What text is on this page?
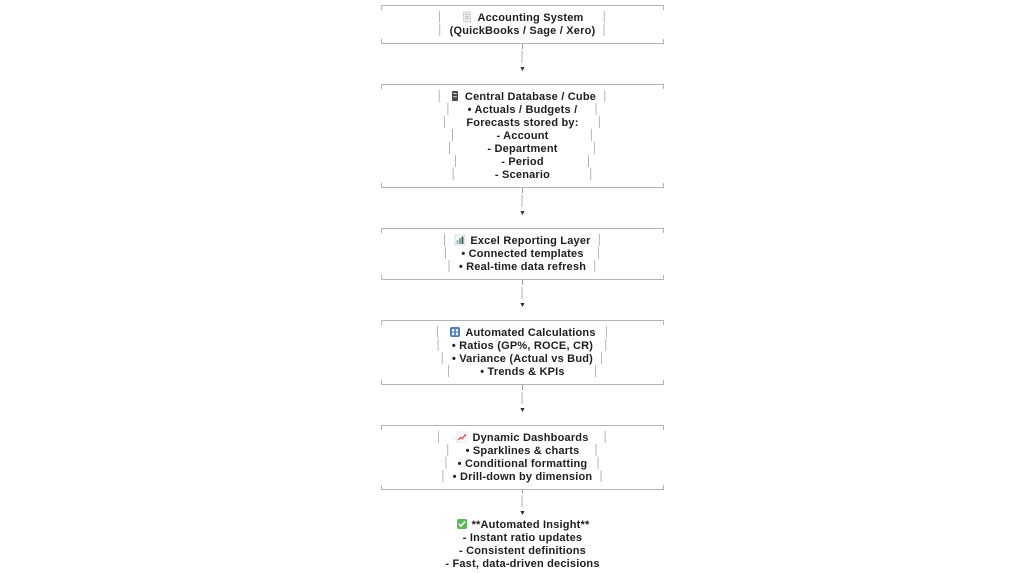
│	Accounting System │
│ (QuickBooks / Sage / Xero) │
│
▼
│ Central Database / Cube │
│ • Actuals / Budgets / │
│ Forecasts stored by: │
│	- Account	│
│	- Department	│
│	- Period	│
│	- Scenario	│
│
▼
│ Excel Reporting Layer │
│ • Connected templates │
│ • Real-time data refresh │
│
▼
│ Automated Calculations │
│ • Ratios (GP%, ROCE, CR) │
│ • Variance (Actual vs Bud) │
│	• Trends & KPIs	│
│
▼
│	Dynamic Dashboards │
│ • Sparklines & charts │
│ • Conditional formatting │
│ • Drill-down by dimension │
│
▼
**Automated Insight**
- Instant ratio updates
- Consistent definitions
- Fast, data-driven decisions
